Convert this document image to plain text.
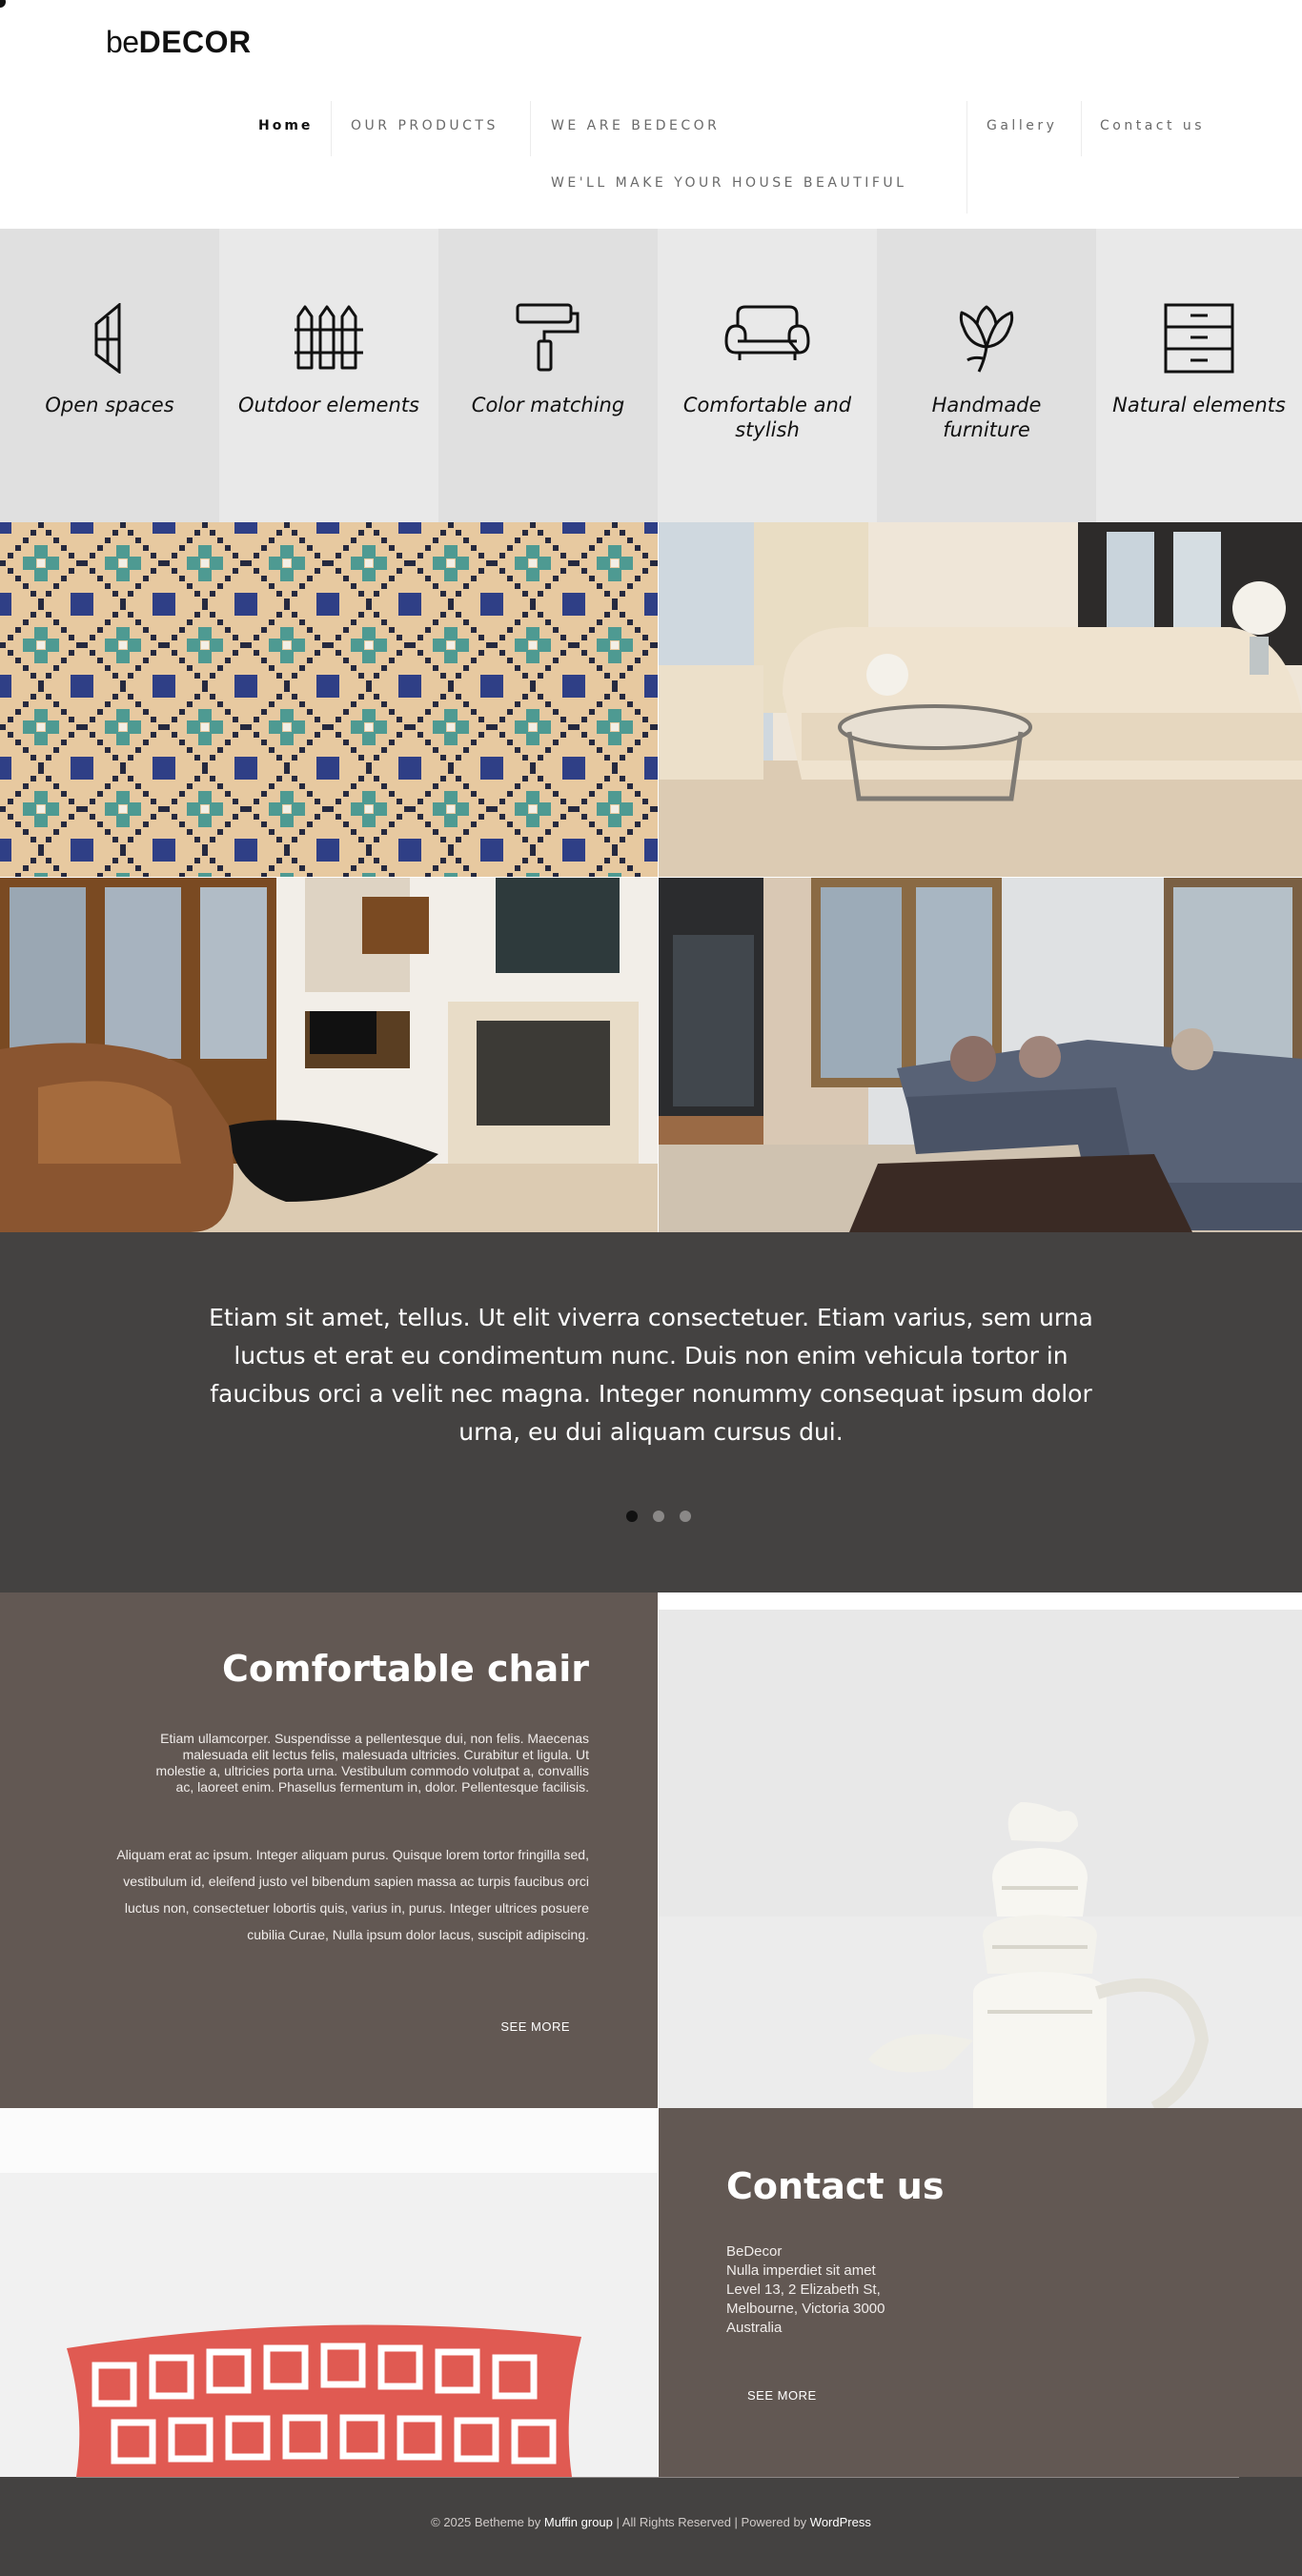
beDECOR
Home	OUR PRODUCTS	WE ARE BEDECOR
WE'LL MAKE YOUR HOUSE BEAUTIFUL
Gallery	Contact us
Open spaces	Outdoor elements	Color matching	Comfortable and stylish
Handmade furniture
Natural elements
Etiam sit amet, tellus. Ut elit viverra consectetuer. Etiam varius, sem urna luctus et erat eu condimentum nunc. Duis non enim vehicula tortor in faucibus orci a velit nec magna. Integer nonummy consequat ipsum dolor urna, eu dui aliquam cursus dui.
Comfortable chair
Etiam ullamcorper. Suspendisse a pellentesque dui, non felis. Maecenas malesuada elit lectus felis, malesuada ultricies. Curabitur et ligula. Ut molestie a, ultricies porta urna. Vestibulum commodo volutpat a, convallis ac, laoreet enim. Phasellus fermentum in, dolor. Pellentesque facilisis.
Aliquam erat ac ipsum. Integer aliquam purus. Quisque lorem tortor fringilla sed, vestibulum id, eleifend justo vel bibendum sapien massa ac turpis faucibus orci luctus non, consectetuer lobortis quis, varius in, purus. Integer ultrices posuere cubilia Curae, Nulla ipsum dolor lacus, suscipit adipiscing.
SEE MORE
Contact us
BeDecor
Nulla imperdiet sit amet
Level 13, 2 Elizabeth St,
Melbourne, Victoria 3000
Australia
SEE MORE
© 2025 Betheme by Muffin group | All Rights Reserved | Powered by WordPress
